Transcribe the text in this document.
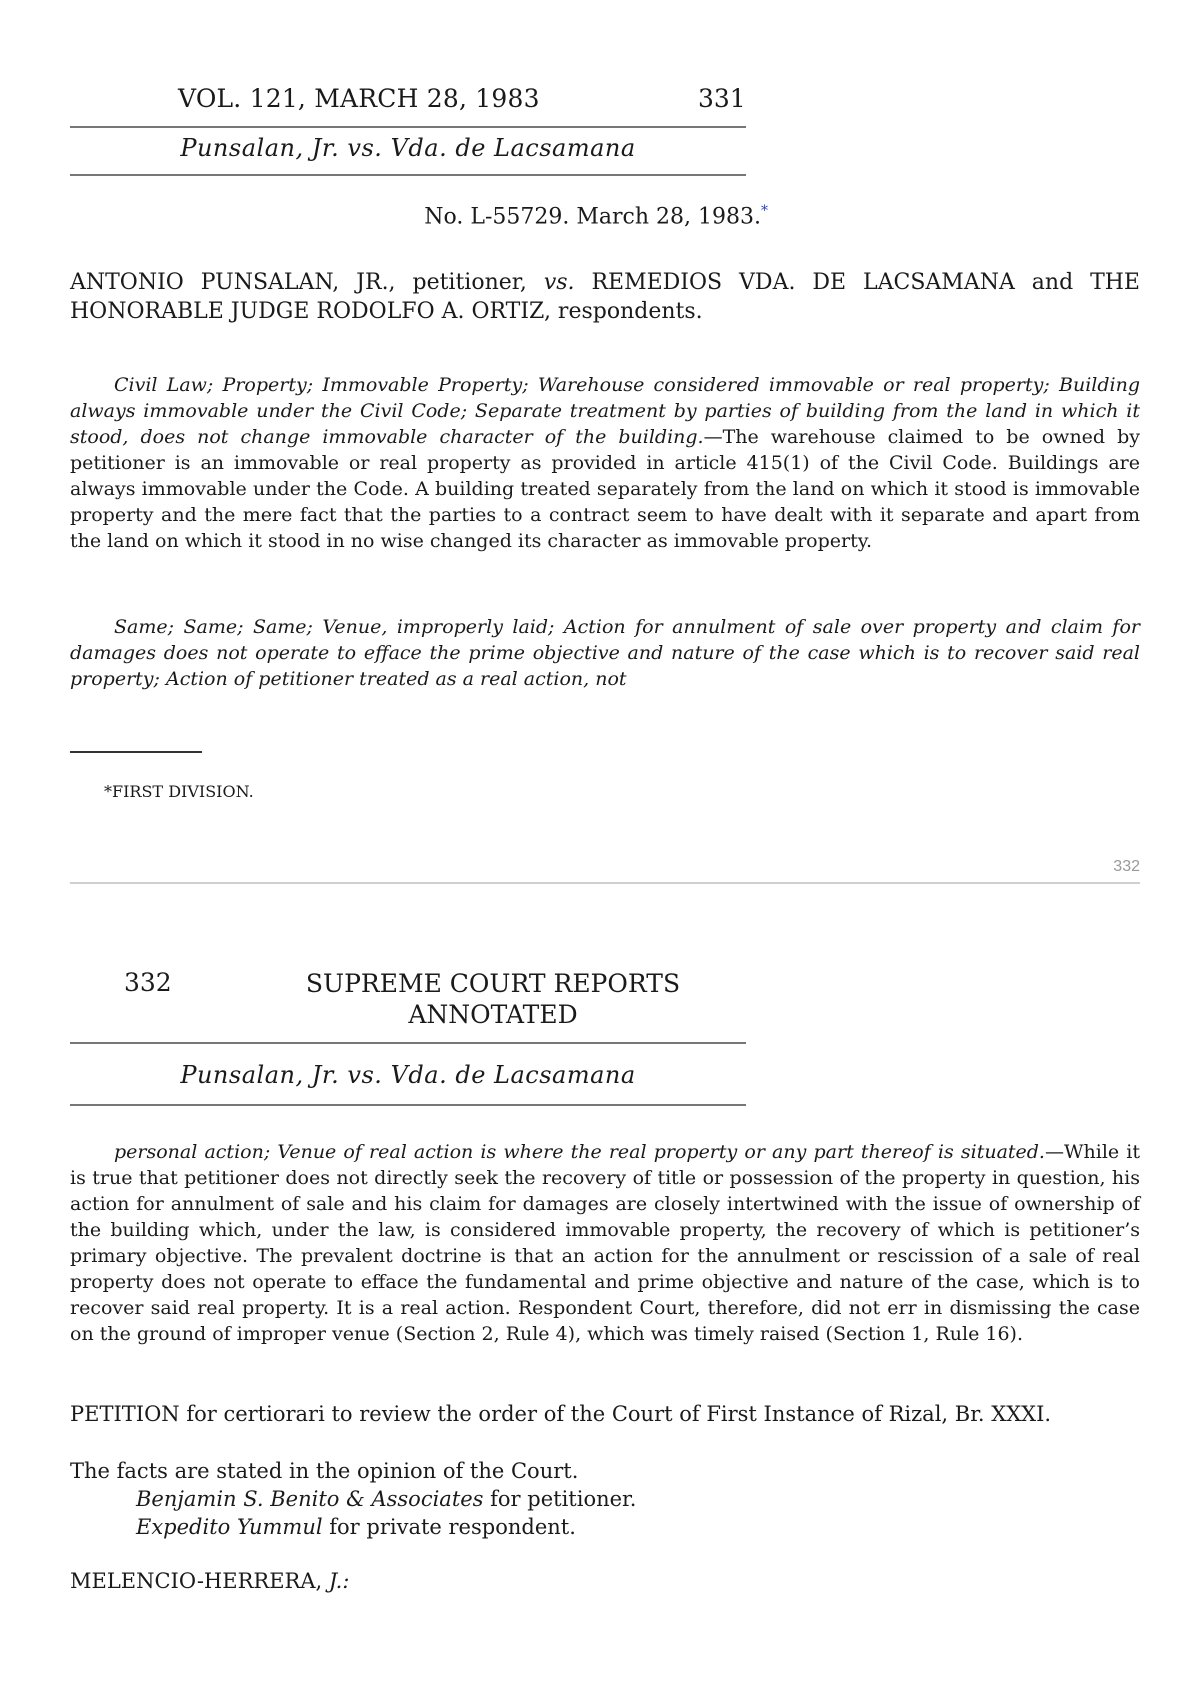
VOL. 121, MARCH 28, 1983	331
Punsalan, Jr. vs. Vda. de Lacsamana
No. L-55729. March 28, 1983.*
ANTONIO PUNSALAN, JR., petitioner, vs. REMEDIOS VDA. DE LACSAMANA and THE HONORABLE JUDGE RODOLFO A. ORTIZ, respondents.
Civil Law; Property; Immovable Property; Warehouse considered immovable or real property; Building always immovable under the Civil Code; Separate treatment by parties of building from the land in which it stood, does not change immovable character of the building.—The warehouse claimed to be owned by petitioner is an immovable or real property as provided in article 415(1) of the Civil Code. Buildings are always immovable under the Code. A building treated separately from the land on which it stood is immovable property and the mere fact that the parties to a contract seem to have dealt with it separate and apart from the land on which it stood in no wise changed its character as immovable property.
Same; Same; Same; Venue, improperly laid; Action for annulment of sale over property and claim for damages does not operate to efface the prime objective and nature of the case which is to recover said real property; Action of petitioner treated as a real action, not
*FIRST DIVISION.
332
332	SUPREME COURT REPORTS ANNOTATED
Punsalan, Jr. vs. Vda. de Lacsamana
personal action; Venue of real action is where the real property or any part thereof is situated.—While it is true that petitioner does not directly seek the recovery of title or possession of the property in question, his action for annulment of sale and his claim for damages are closely intertwined with the issue of ownership of the building which, under the law, is considered immovable property, the recovery of which is petitioner’s primary objective. The prevalent doctrine is that an action for the annulment or rescission of a sale of real property does not operate to efface the fundamental and prime objective and nature of the case, which is to recover said real property. It is a real action. Respondent Court, therefore, did not err in dismissing the case on the ground of improper venue (Section 2, Rule 4), which was timely raised (Section 1, Rule 16).
PETITION for certiorari to review the order of the Court of First Instance of Rizal, Br. XXXI.
The facts are stated in the opinion of the Court.
Benjamin S. Benito & Associates for petitioner.
Expedito Yummul for private respondent.
MELENCIO-HERRERA, J.:
